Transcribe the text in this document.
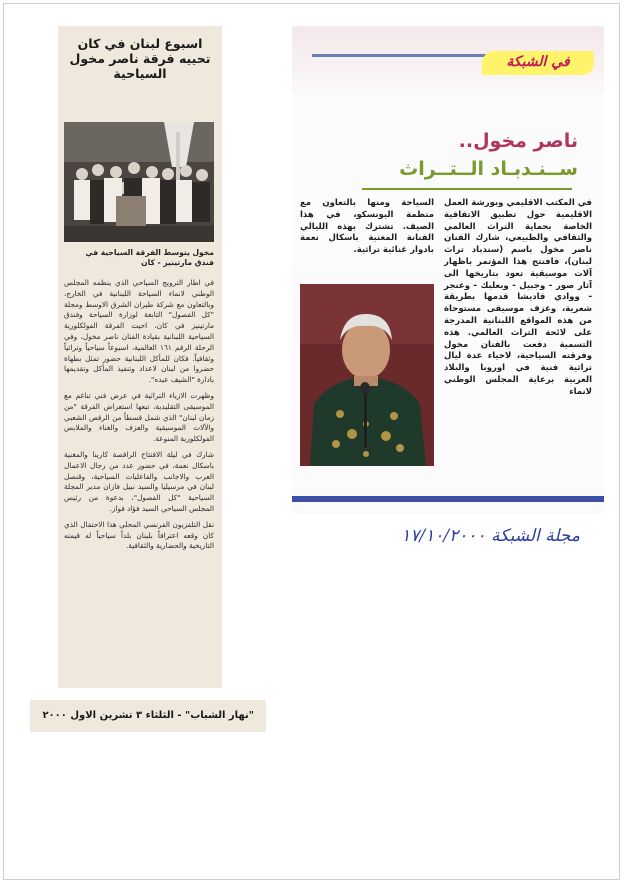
اسبوع لبنان في كان
تحييه فرقة ناصر مخول
السياحية
مخول يتوسط الفرقة السياحية في فندق مارتينيز - كان

في اطار الترويج السياحي الذي ينظمه المجلس الوطني لانماء السياحة اللبنانية في الخارج، وبالتعاون مع شركة طيران الشرق الاوسط ومجلة "كل الفصول" التابعة لوزارة السياحة وفندق مارتينيز في كان، احيت الفرقة الفولكلورية السياحية اللبنانية بقيادة الفنان ناصر مخول، وفي الرحلة الرقم ١٦١ العالمية، اسبوعاً سياحياً وتراثياً وثقافياً. فكان للمأكل اللبنانية حضور تمثل بطهاة حضروا من لبنان لاعداد وتنفيذ المأكل وتقديمها بادارة "الشيف عبده".

وظهرت الازياء التراثية في عرض فني تناغم مع الموسيقى التقليدية، تبعها استعراض الفرقة "من زمان لبنان" الذي شمل قسطاً من الرقص الشعبي والآلات الموسيقية والعزف والغناء والملابس الفولكلورية المنوعة.

شارك في ليلة الافتتاح الراقصة كارينا والمغنية باسكال نعمة، في حضور عدد من رجال الاعمال العرب والاجانب والفاعليات السياحية، وقنصل لبنان في مرسيليا والسيد نبيل فازان مدير المجلة السياحية "كل الفصول"، بدعوة من رئيس المجلس السياحي السيد فؤاد فواز.

نقل التلفزيون الفرنسي المحلي هذا الاحتفال الذي كان وقعه اعترافاً بلبنان بلداً سياحياً له قيمته التاريخية والحضارية والثقافية.

"نهار الشباب" - الثلثاء ٣ تشرين الاول ٢٠٠٠
في الشبكة
ناصر مخول..
ســنـدبـاد الــتــراث
في المكتب الاقليمي وبورشة العمل الاقليمية حول تطبيق الاتفاقية الخاصة بحماية التراث العالمي والثقافي والطبيعي، شارك الفنان ناصر مخول باسم (سندباد تراث لبنان)، فافتتح هذا المؤتمر باظهار آلات موسيقية تعود بتاريخها الى آثار صور - وجبيل - وبعلبك - وعنجر - ووادي قاديشا قدمها بطريقة شعرية، وعزف موسيقى مستوحاة من هذه المواقع اللبنانية المدرجة على لائحة التراث العالمي. هذه التسمية دفعت بالفنان مخول وفرقته السياحية، لاحياء عدة ليال تراثية فنية في اوروبا والبلاد العربية برعاية المجلس الوطني لانماء
السياحة ومنها بالتعاون مع منظمة اليونسكو، في هذا الصيف. تشترك بهذه الليالي الفنانة المغنية باسكال نعمة بادوار غنائية تراثية.
مجلة الشبكة ١٧/١٠/٢٠٠٠
